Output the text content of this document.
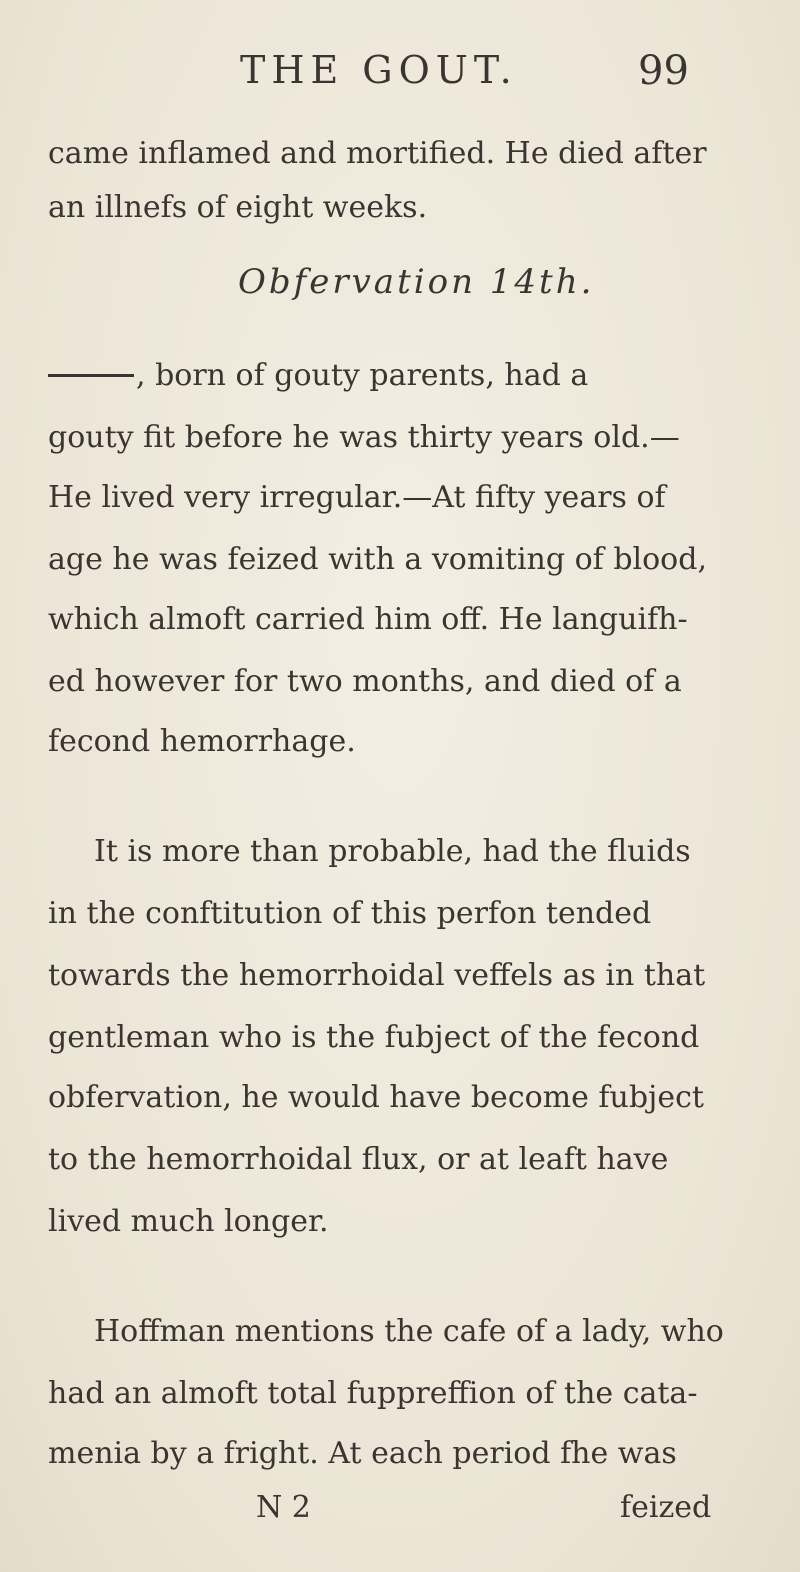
THE GOUT.	99
came inflamed and mortified. He died after
an illnefs of eight weeks.
Obfervation 14th.
, born of gouty parents, had a
gouty fit before he was thirty years old.—
He lived very irregular.—At fifty years of
age he was feized with a vomiting of blood,
which almoft carried him off. He languifh-
ed however for two months, and died of a
fecond hemorrhage.
It is more than probable, had the fluids
in the conftitution of this perfon tended
towards the hemorrhoidal veffels as in that
gentleman who is the fubject of the fecond
obfervation, he would have become fubject
to the hemorrhoidal flux, or at leaft have
lived much longer.
Hoffman mentions the cafe of a lady, who
had an almoft total fuppreffion of the cata-
menia by a fright. At each period fhe was
N 2	feized
